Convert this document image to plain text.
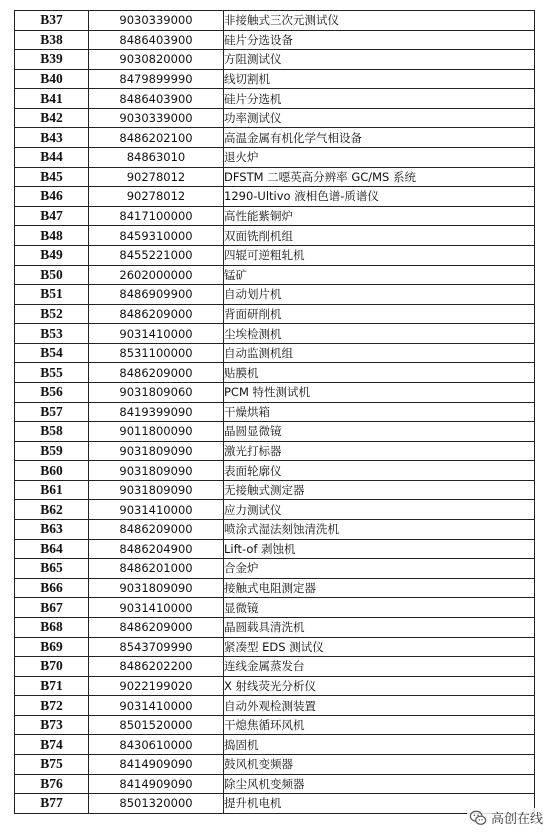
B37	9030339000	非接触式三次元测试仪
B38	8486403900	硅片分选设备
B39	9030820000	方阻测试仪
B40	8479899990	线切割机
B41	8486403900	硅片分选机
B42	9030339000	功率测试仪
B43	8486202100	高温金属有机化学气相设备
B44	84863010	退火炉
B45	90278012	DFSTM 二噁英高分辨率 GC/MS 系统
B46	90278012	1290-Ultivo 液相色谱-质谱仪
B47	8417100000	高性能紫铜炉
B48	8459310000	双面铣削机组
B49	8455221000	四辊可逆粗轧机
B50	2602000000	锰矿
B51	8486909900	自动划片机
B52	8486209000	背面研削机
B53	9031410000	尘埃检测机
B54	8531100000	自动监测机组
B55	8486209000	贴膜机
B56	9031809060	PCM 特性测试机
B57	8419399090	干燥烘箱
B58	9011800090	晶圆显微镜
B59	9031809090	激光打标器
B60	9031809090	表面轮廓仪
B61	9031809090	无接触式测定器
B62	9031410000	应力测试仪
B63	8486209000	喷涂式湿法刻蚀清洗机
B64	8486204900	Lift-of 剥蚀机
B65	8486201000	合金炉
B66	9031809090	接触式电阻测定器
B67	9031410000	显微镜
B68	8486209000	晶圆载具清洗机
B69	8543709990	紧凑型 EDS 测试仪
B70	8486202200	连线金属蒸发台
B71	9022199020	X 射线荧光分析仪
B72	9031410000	自动外观检测装置
B73	8501520000	干熄焦循环风机
B74	8430610000	捣固机
B75	8414909090	鼓风机变频器
B76	8414909090	除尘风机变频器
B77	8501320000	提升机电机
高创在线
